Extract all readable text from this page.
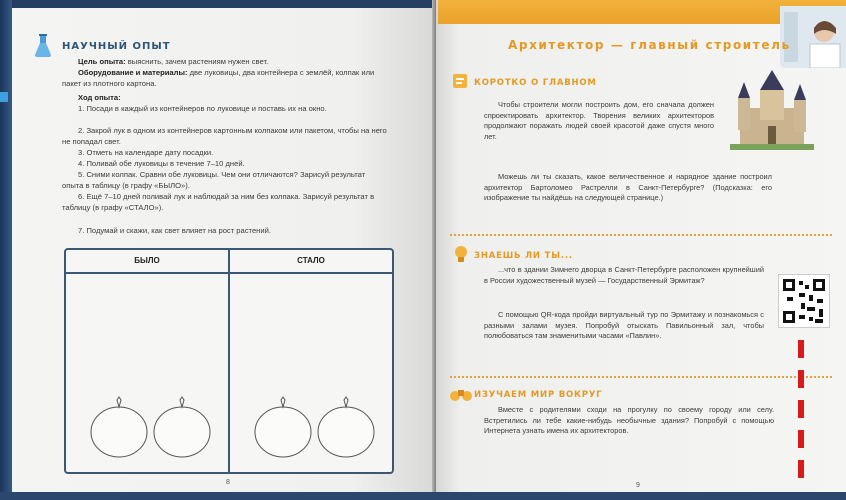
НАУЧНЫЙ ОПЫТ
Цель опыта: выяснить, зачем растениям нужен свет.
Оборудование и материалы: две луковицы, два контейнера с землёй, колпак или пакет из плотного картона.
Ход опыта:
1. Посади в каждый из контейнеров по луковице и поставь их на окно.
2. Закрой лук в одном из контейнеров картонным колпаком или пакетом, чтобы на него не попадал свет.
3. Отметь на календаре дату посадки.
4. Поливай обе луковицы в течение 7–10 дней.
5. Сними колпак. Сравни обе луковицы. Чем они отличаются? Зарисуй результат опыта в таблицу (в графу «БЫЛО»).
6. Ещё 7–10 дней поливай лук и наблюдай за ним без колпака. Зарисуй результат в таблицу (в графу «СТАЛО»).
7. Подумай и скажи, как свет влияет на рост растений.
БЫЛО	СТАЛО
8
Архитектор — главный строитель
КОРОТКО О ГЛАВНОМ
Чтобы строители могли построить дом, его сначала должен спроектировать архитектор. Творения великих архитекторов продолжают поражать людей своей красотой даже спустя много лет.
Можешь ли ты сказать, какое величественное и нарядное здание построил архитектор Бартоломео Растрелли в Санкт-Петербурге? (Подсказка: его изображение ты найдёшь на следующей странице.)
ЗНАЕШЬ ЛИ ТЫ...
...что в здании Зимнего дворца в Санкт-Петербурге расположен крупнейший в России художественный музей — Государственный Эрмитаж?
С помощью QR-кода пройди виртуальный тур по Эрмитажу и познакомься с разными залами музея. Попробуй отыскать Павильонный зал, чтобы полюбоваться там знаменитыми часами «Павлин».
ИЗУЧАЕМ МИР ВОКРУГ
Вместе с родителями сходи на прогулку по своему городу или селу. Встретились ли тебе какие-нибудь необычные здания? Попробуй с помощью Интернета узнать имена их архитекторов.
9
